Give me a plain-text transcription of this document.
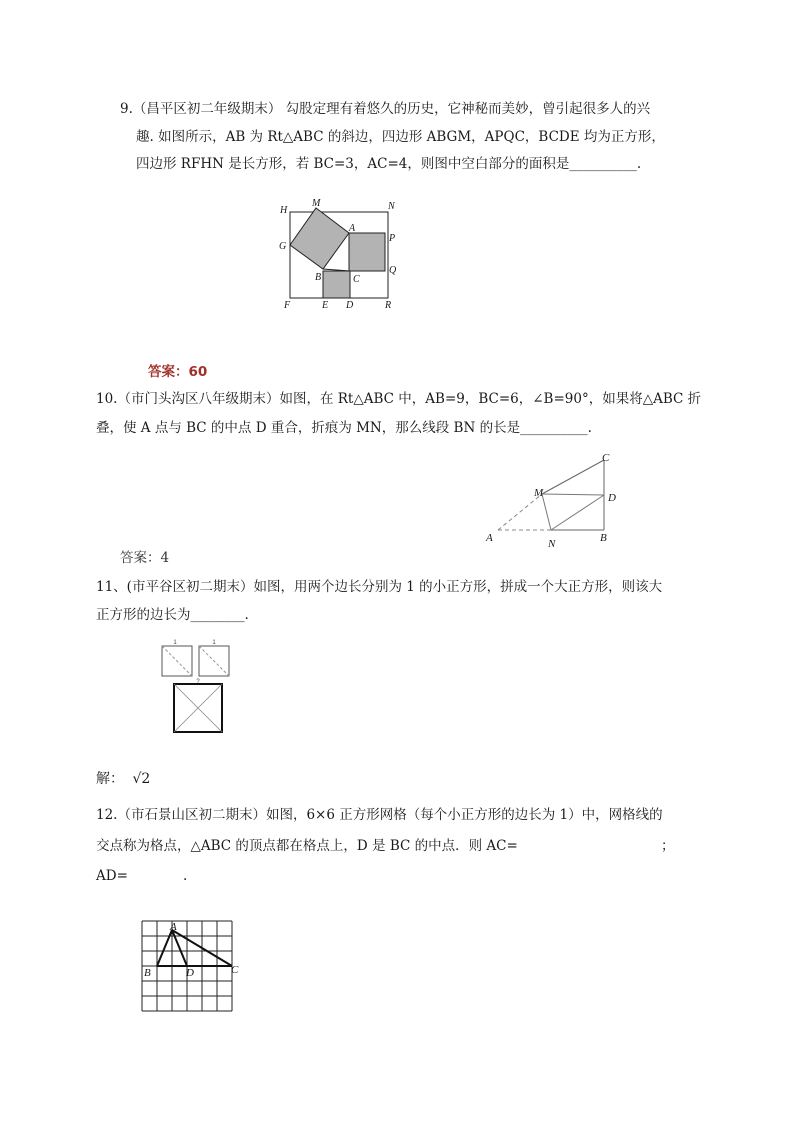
9.（昌平区初二年级期末） 勾股定理有着悠久的历史，它神秘而美妙，曾引起很多人的兴
趣. 如图所示，AB 为 Rt△ABC 的斜边，四边形 ABGM，APQC，BCDE 均为正方形，
四边形 RFHN 是长方形，若 BC=3，AC=4，则图中空白部分的面积是__________.
H
M	N
A
P
G
Q
B	C
F	E D	R
答案：60
10.（市门头沟区八年级期末）如图，在 Rt△ABC 中，AB=9，BC=6，∠B=90°，如果将△ABC 折
叠，使 A 点与 BC 的中点 D 重合，折痕为 MN，那么线段 BN 的长是__________.
C
M	D
A	N	B
答案：4
11、(市平谷区初二期末）如图，用两个边长分别为 1 的小正方形，拼成一个大正方形，则该大
正方形的边长为________.
1	1
?
解： √2
12.（市石景山区初二期末）如图，6×6 正方形网格（每个小正方形的边长为 1）中，网格线的
交点称为格点，△ABC 的顶点都在格点上，D 是 BC 的中点．则 AC=	；
AD=	.
A
B	D	C
